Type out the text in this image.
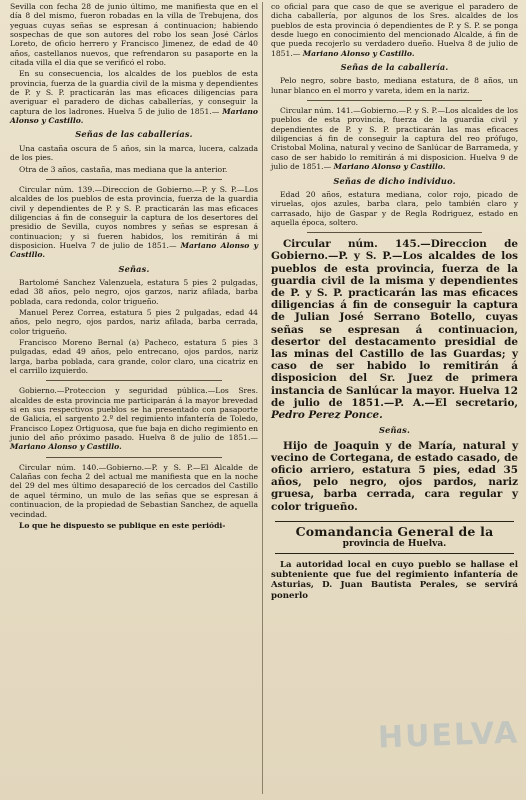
Sevilla con fecha 28 de junio último, me manifiesta que en el día 8 del mismo, fueron robadas en la villa de Trebujena, dos yeguas cuyas señas se espresan á continuacion; habiendo sospechas de que son autores del robo los sean José Cárlos Loreto, de oficio herrero y Francisco Jimenez, de edad de 40 años, castellanos nuevos, que refrendaron su pasaporte en la citada villa el dia que se verificó el robo.

En su consecuencia, los alcaldes de los pueblos de esta provincia, fuerza de la guardia civil de la misma y dependientes de P. y S. P. practicarán las mas eficaces diligencias para averiguar el paradero de dichas caballerías, y conseguir la captura de los ladrones. Huelva 5 de julio de 1851.— Mariano Alonso y Castillo.

Señas de las caballerías.

Una castaña oscura de 5 años, sin la marca, lucera, calzada de los pies.

Otra de 3 años, castaña, mas mediana que la anterior.

Circular núm. 139.—Direccion de Gobierno.—P. y S. P.—Los alcaldes de los pueblos de esta provincia, fuerza de la guardia civil y dependientes de P. y S. P. practicarán las mas eficaces diligencias á fin de conseguir la captura de los desertores del presidio de Sevilla, cuyos nombres y señas se espresan á continuacion; y si fueren habidos, los remitirán á mi disposicion. Huelva 7 de julio de 1851.— Mariano Alonso y Castillo.

Señas.

Bartolomé Sanchez Valenzuela, estatura 5 pies 2 pulgadas, edad 38 años, pelo negro, ojos garzos, nariz afilada, barba poblada, cara redonda, color trigueño.

Manuel Perez Correa, estatura 5 pies 2 pulgadas, edad 44 años, pelo negro, ojos pardos, nariz afilada, barba cerrada, color trigueño.

Francisco Moreno Bernal (a) Pacheco, estatura 5 pies 3 pulgadas, edad 49 años, pelo entrecano, ojos pardos, nariz larga, barba poblada, cara grande, color claro, una cicatriz en el carrillo izquierdo.

Gobierno.—Proteccion y seguridad pública.—Los Sres. alcaldes de esta provincia me participarán á la mayor brevedad si en sus respectivos pueblos se ha presentado con pasaporte de Galicia, el sargento 2.º del regimiento infantería de Toledo, Francisco Lopez Ortiguosa, que fue baja en dicho regimiento en junio del año próximo pasado. Huelva 8 de julio de 1851.— Mariano Alonso y Castillo.

Circular núm. 140.—Gobierno.—P. y S. P.—El Alcalde de Calañas con fecha 2 del actual me manifiesta que en la noche del 29 del mes último desapareció de los cercados del Castillo de aquel término, un mulo de las señas que se espresan á continuacion, de la propiedad de Sebastian Sanchez, de aquella vecindad.

Lo que he dispuesto se publique en este periódi-

co oficial para que caso de que se averigue el paradero de dicha caballería, por algunos de los Sres. alcaldes de los pueblos de esta provincia ó dependientes de P. y S. P. se ponga desde luego en conocimiento del mencionado Alcalde, á fin de que pueda recojerlo su verdadero dueño. Huelva 8 de julio de 1851.— Mariano Alonso y Castillo.

Señas de la caballería.

Pelo negro, sobre basto, mediana estatura, de 8 años, un lunar blanco en el morro y vareta, idem en la nariz.

Circular núm. 141.—Gobierno.—P. y S. P.—Los alcaldes de los pueblos de esta provincia, fuerza de la guardia civil y dependientes de P. y S. P. practicarán las mas eficaces diligencias á fin de conseguir la captura del reo prófugo, Cristobal Molina, natural y vecino de Sanlúcar de Barrameda, y caso de ser habido lo remitirán á mi disposicion. Huelva 9 de julio de 1851.— Mariano Alonso y Castillo.

Señas de dicho individuo.

Edad 20 años, estatura mediana, color rojo, picado de viruelas, ojos azules, barba clara, pelo también claro y carrasado, hijo de Gaspar y de Regla Rodriguez, estado en aquella época, soltero.

Circular núm. 145.—Direccion de Gobierno.—P. y S. P.—Los alcaldes de los pueblos de esta provincia, fuerza de la guardia civil de la misma y dependientes de P. y S. P. practicarán las mas eficaces diligencias á fin de conseguir la captura de Julian José Serrano Botello, cuyas señas se espresan á continuacion, desertor del destacamento presidial de las minas del Castillo de las Guardas; y caso de ser habido lo remitirán á disposicion del Sr. Juez de primera instancia de Sanlúcar la mayor. Huelva 12 de julio de 1851.—P. A.—El secretario, Pedro Perez Ponce.

Señas.

Hijo de Joaquin y de María, natural y vecino de Cortegana, de estado casado, de oficio arriero, estatura 5 pies, edad 35 años, pelo negro, ojos pardos, nariz gruesa, barba cerrada, cara regular y color trigueño.

Comandancia General de la
provincia de Huelva.

La autoridad local en cuyo pueblo se hallase el subteniente que fue del regimiento infantería de Asturias, D. Juan Bautista Perales, se servirá ponerlo

HUELVA
